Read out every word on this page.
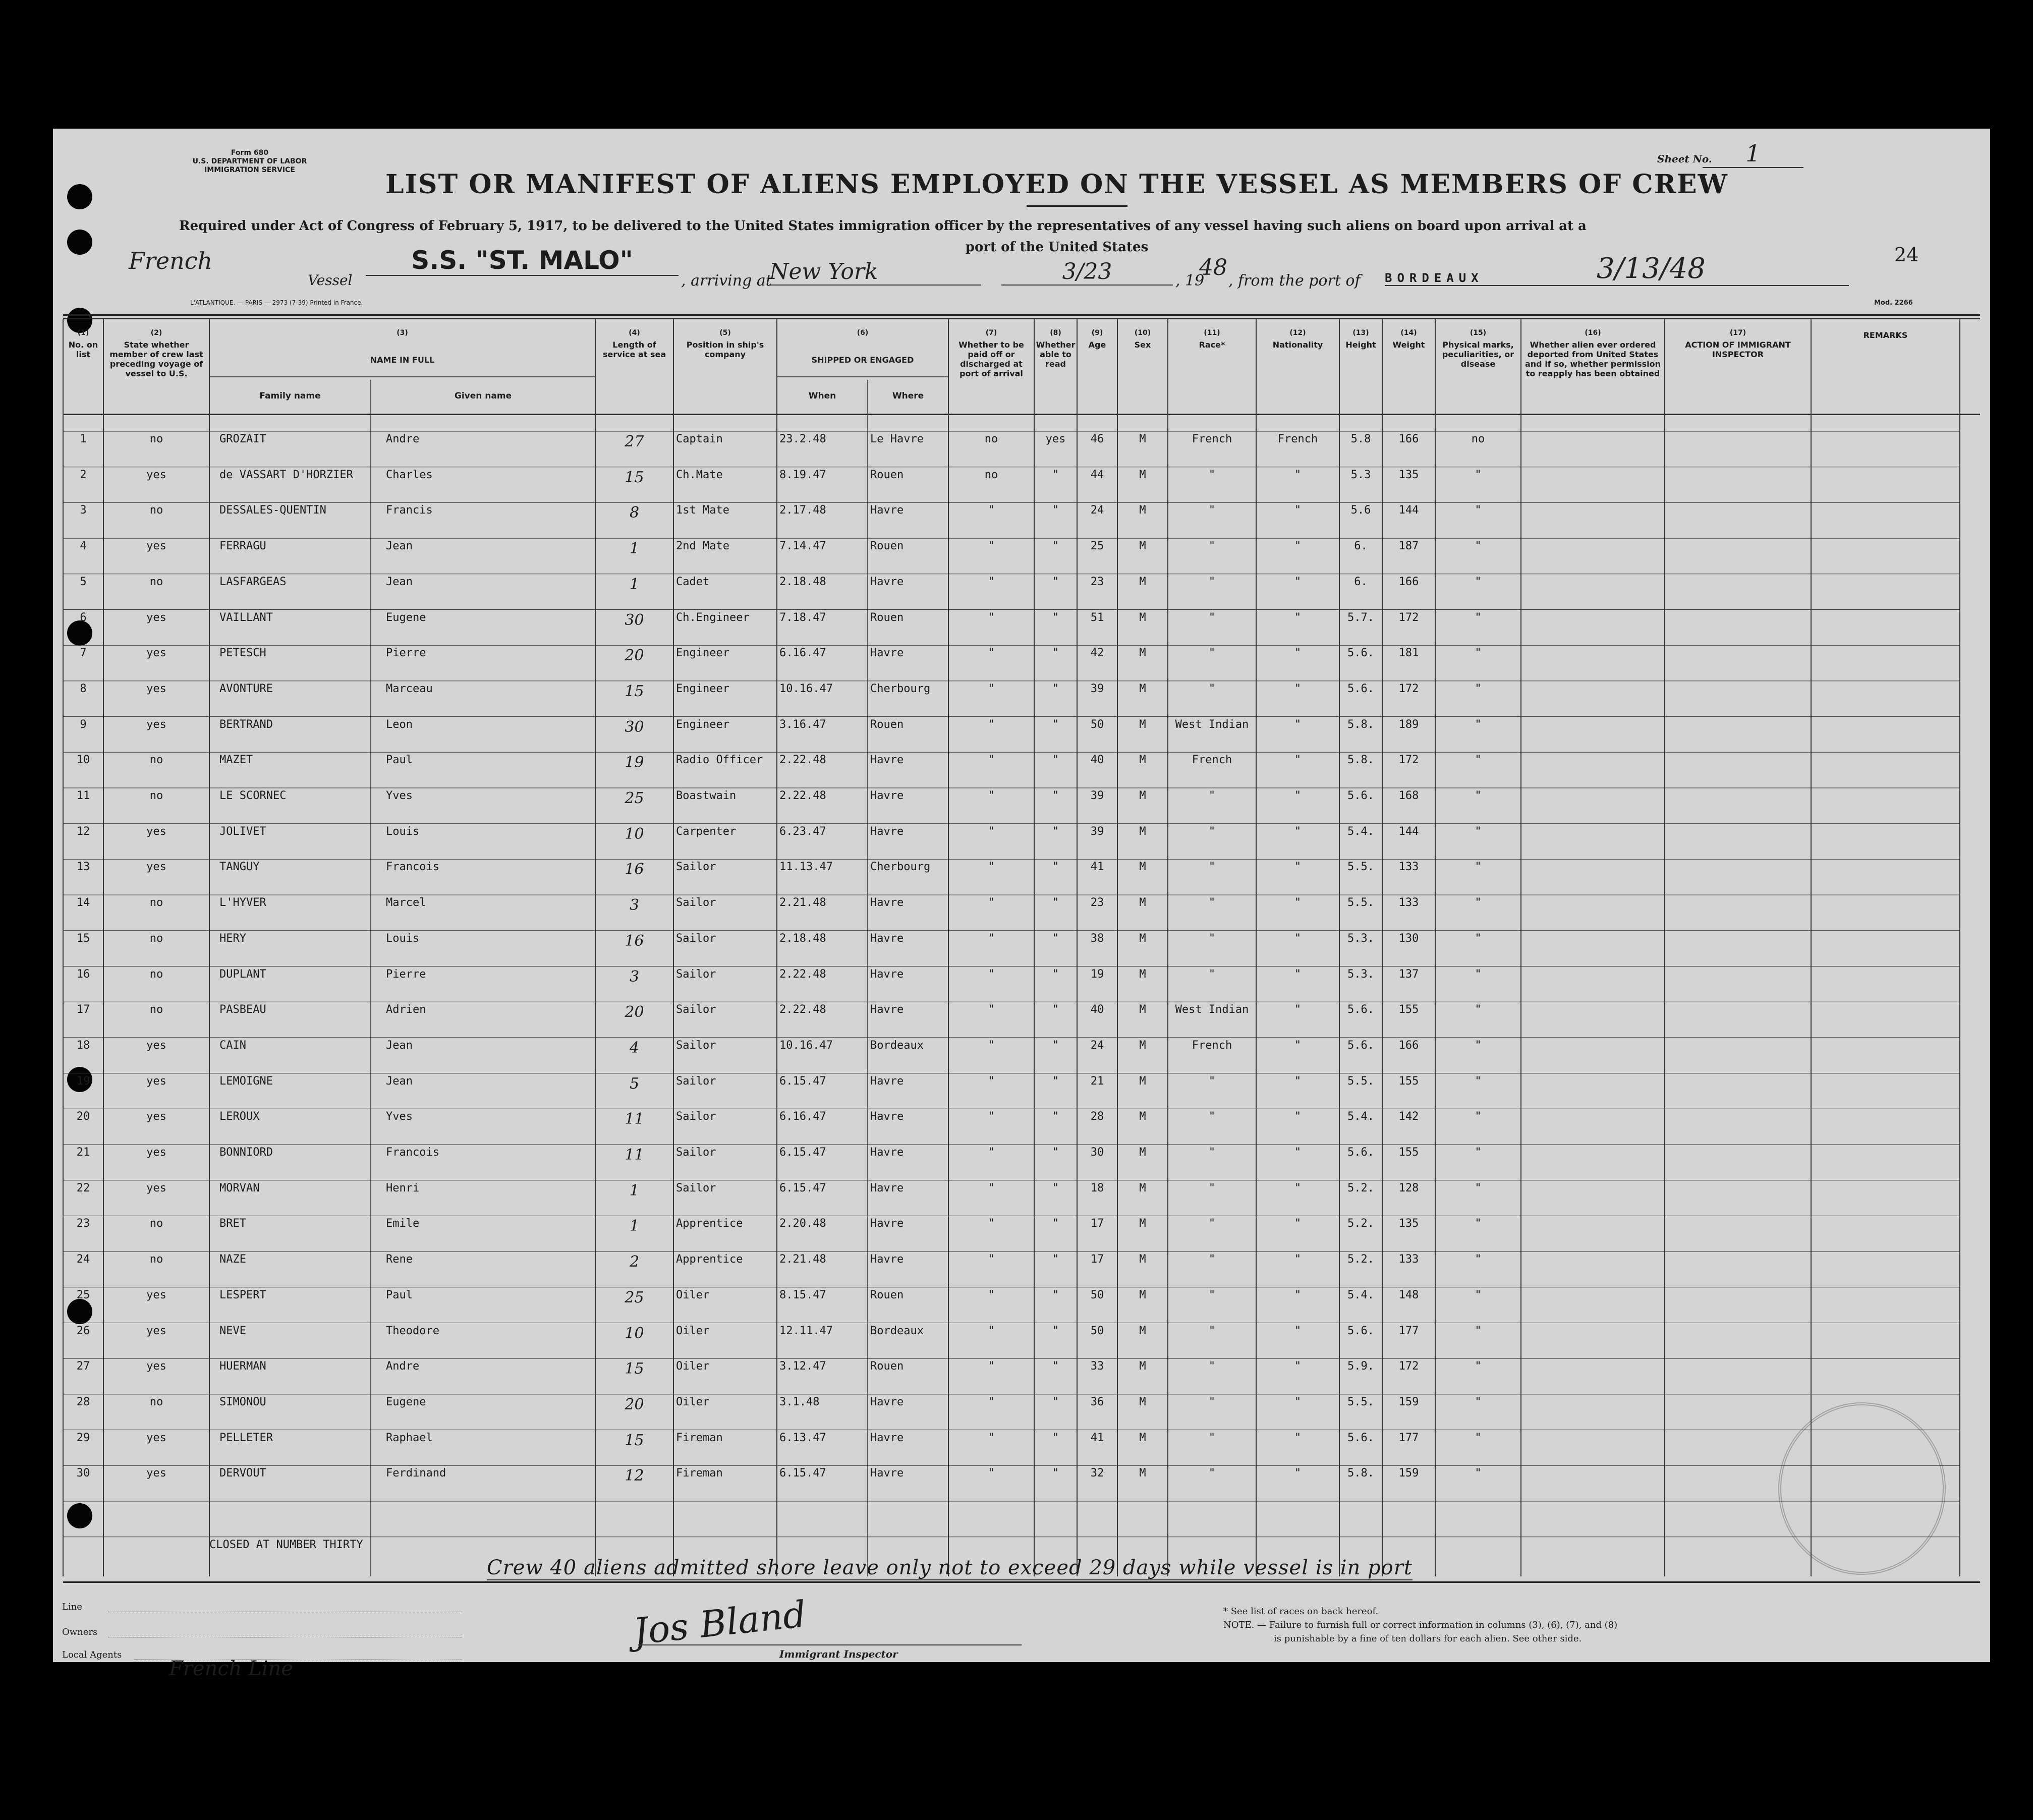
Form 680
U.S. DEPARTMENT OF LABOR
IMMIGRATION SERVICE	LIST OR MANIFEST OF ALIENS EMPLOYED ON THE VESSEL AS MEMBERS OF CREW
Sheet No.	1
24
Required under Act of Congress of February 5, 1917, to be delivered to the United States immigration officer by the representatives of any vessel having such aliens on board upon arrival at a
port of the United States
French
Vessel
S.S. "ST. MALO"
, arriving at
New York	3/23	, 19
48
, from the port of BORDEAUX	3/13/48
L'ATLANTIQUE. — PARIS — 2973 (7-39) Printed in France.	Mod. 2266
(1)
No. on list
(2)
State whether member of crew last preceding voyage of vessel to U.S.
(3)
NAME IN FULL
Family name	Given name
(4)
Length of service at sea
(5)
Position in ship's company
(6)
SHIPPED OR ENGAGED
When	Where
(7)
Whether to be paid off or discharged at port of arrival
(8)
Whether able to read
(9)
Age
(10)
Sex
(11)
Race*
(12)
Nationality
(13)
Height
(14)
Weight
(15)
Physical marks, peculiarities, or disease
(16)
Whether alien ever ordered deported from United States and if so, whether permission to reapply has been obtained
(17)
ACTION OF IMMIGRANT INSPECTOR
REMARKS
1	no	GROZAIT	Andre	27	Captain	23.2.48	Le Havre	no	yes	46	M	French	French	5.8	166	no
2	yes	de VASSART D'HORZIER	Charles	15	Ch.Mate	8.19.47	Rouen	no	"	44	M	"	"	5.3	135	"
3	no	DESSALES-QUENTIN	Francis	8	1st Mate	2.17.48	Havre	"	"	24	M	"	"	5.6	144	"
4	yes	FERRAGU	Jean	1	2nd Mate	7.14.47	Rouen	"	"	25	M	"	"	6.	187	"
5	no	LASFARGEAS	Jean	1	Cadet	2.18.48	Havre	"	"	23	M	"	"	6.	166	"
6	yes	VAILLANT	Eugene	30	Ch.Engineer	7.18.47	Rouen	"	"	51	M	"	"	5.7.	172	"
7	yes	PETESCH	Pierre	20	Engineer	6.16.47	Havre	"	"	42	M	"	"	5.6.	181	"
8	yes	AVONTURE	Marceau	15	Engineer	10.16.47	Cherbourg	"	"	39	M	"	"	5.6.	172	"
9	yes	BERTRAND	Leon	30	Engineer	3.16.47	Rouen	"	"	50	M	West Indian	"	5.8.	189	"
10	no	MAZET	Paul	19	Radio Officer	2.22.48	Havre	"	"	40	M	French	"	5.8.	172	"
11	no	LE SCORNEC	Yves	25	Boastwain	2.22.48	Havre	"	"	39	M	"	"	5.6.	168	"
12	yes	JOLIVET	Louis	10	Carpenter	6.23.47	Havre	"	"	39	M	"	"	5.4.	144	"
13	yes	TANGUY	Francois	16	Sailor	11.13.47	Cherbourg	"	"	41	M	"	"	5.5.	133	"
14	no	L'HYVER	Marcel	3	Sailor	2.21.48	Havre	"	"	23	M	"	"	5.5.	133	"
15	no	HERY	Louis	16	Sailor	2.18.48	Havre	"	"	38	M	"	"	5.3.	130	"
16	no	DUPLANT	Pierre	3	Sailor	2.22.48	Havre	"	"	19	M	"	"	5.3.	137	"
17	no	PASBEAU	Adrien	20	Sailor	2.22.48	Havre	"	"	40	M	West Indian	"	5.6.	155	"
18	yes	CAIN	Jean	4	Sailor	10.16.47	Bordeaux	"	"	24	M	French	"	5.6.	166	"
19	yes	LEMOIGNE	Jean	5	Sailor	6.15.47	Havre	"	"	21	M	"	"	5.5.	155	"
20	yes	LEROUX	Yves	11	Sailor	6.16.47	Havre	"	"	28	M	"	"	5.4.	142	"
21	yes	BONNIORD	Francois	11	Sailor	6.15.47	Havre	"	"	30	M	"	"	5.6.	155	"
22	yes	MORVAN	Henri	1	Sailor	6.15.47	Havre	"	"	18	M	"	"	5.2.	128	"
23	no	BRET	Emile	1	Apprentice	2.20.48	Havre	"	"	17	M	"	"	5.2.	135	"
24	no	NAZE	Rene	2	Apprentice	2.21.48	Havre	"	"	17	M	"	"	5.2.	133	"
25	yes	LESPERT	Paul	25	Oiler	8.15.47	Rouen	"	"	50	M	"	"	5.4.	148	"
26	yes	NEVE	Theodore	10	Oiler	12.11.47	Bordeaux	"	"	50	M	"	"	5.6.	177	"
27	yes	HUERMAN	Andre	15	Oiler	3.12.47	Rouen	"	"	33	M	"	"	5.9.	172	"
28	no	SIMONOU	Eugene	20	Oiler	3.1.48	Havre	"	"	36	M	"	"	5.5.	159	"
29	yes	PELLETER	Raphael	15	Fireman	6.13.47	Havre	"	"	41	M	"	"	5.6.	177	"
30	yes	DERVOUT	Ferdinand	12	Fireman	6.15.47	Havre	"	"	32	M	"	"	5.8.	159	"
CLOSED AT NUMBER THIRTY
Crew 40 aliens admitted shore leave only not to exceed 29 days while vessel is in port
Line
Owners
Local Agents
French Line
Jos Bland
Immigrant Inspector
* See list of races on back hereof.
NOTE. — Failure to furnish full or correct information in columns (3), (6), (7), and (8)
is punishable by a fine of ten dollars for each alien. See other side.
